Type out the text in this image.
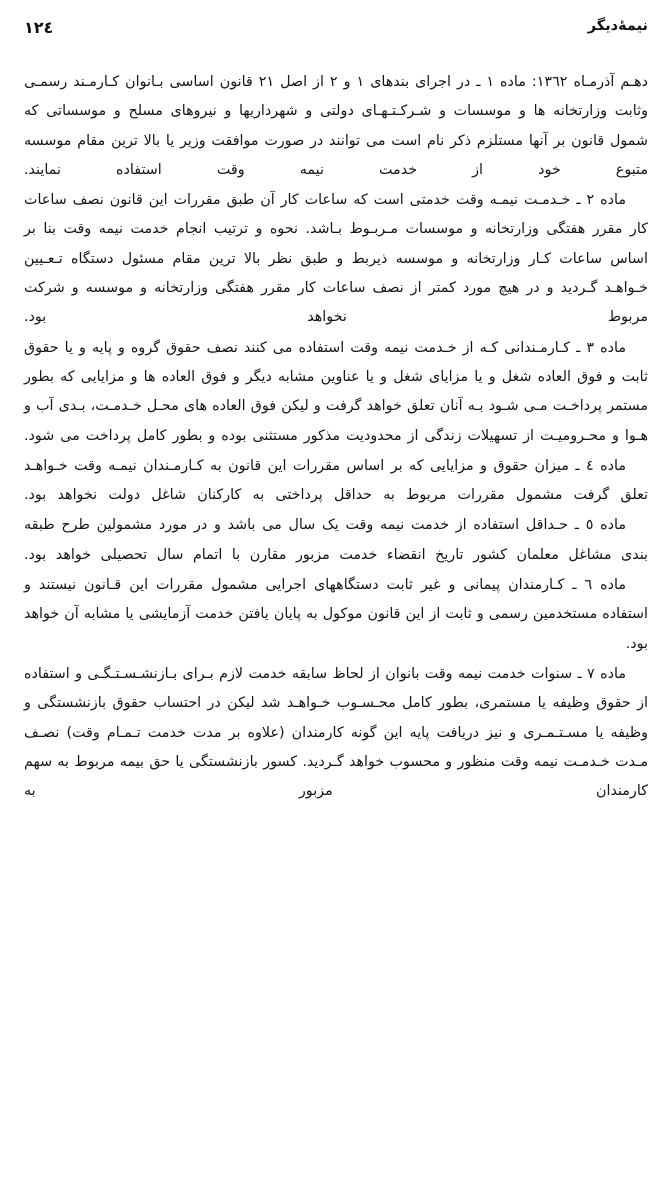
نیمۀدیگر
١٢٤

دهـم آذرمـاه ١٣٦٢: ماده ١ ـ در اجرای بندهای ١ و ٢ از اصل ٢١ قانون اساسی بـانوان کـارمـند رسمـی وثابت وزارتخانه ها و موسسات و شـرکـتـهـای دولتی و شهرداریها و نیروهای مسلح و موسساتی که شمول قانون بر آنها مستلزم ذکر نام است می توانند در صورت موافقت وزیر یا بالا ترین مقام موسسه متبوع خود از خدمت نیمه وقت استفاده نمایند.

ماده ٢ ـ خـدمـت نیمـه وقت خدمتی است که ساعات کار آن طبق مقررات این قانون نصف ساعات کار مقرر هفتگی وزارتخانه و موسسات مـربـوط بـاشد. نحوه و ترتیب انجام خدمت نیمه وقت بنا بر اساس ساعات کـار وزارتخانه و موسسه ذیربط و طبق نظر بالا ترین مقام مسئول دستگاه تـعـیین خـواهـد گـردید و در هیچ مورد کمتر از نصف ساعات کار مقرر هفتگی وزارتخانه و موسسه و شرکت مربوط نخواهد بود.

ماده ٣ ـ کـارمـندانی کـه از خـدمت نیمه وقت استفاده می کنند نصف حقوق گروه و پایه و یا حقوق ثابت و فوق العاده شغل و یا مزایای شغل و یا عناوین مشابه دیگر و فوق العاده ها و مزایایی که بطور مستمر پرداخـت مـی شـود بـه آنان تعلق خواهد گرفت و لیکن فوق العاده های محـل خـدمـت، بـدی آب و هـوا و محـرومیـت از تسهیلات زندگی از محدودیت مذکور مستثنی بوده و بطور کامل پرداخت می شود.

ماده ٤ ـ میزان حقوق و مزایایی که بر اساس مقررات این قانون به کـارمـندان نیمـه وقت خـواهـد تعلق گرفت مشمول مقررات مربوط به حداقل پرداختی به کارکنان شاغل دولت نخواهد بود.

ماده ٥ ـ حـداقل استفاده از خدمت نیمه وقت یک سال می باشد و در مورد مشمولین طرح طبقه بندی مشاغل معلمان کشور تاریخ انقضاء خدمت مزبور مقارن با اتمام سال تحصیلی خواهد بود.

ماده ٦ ـ کـارمندان پیمانی و غیر ثابت دستگاههای اجرایی مشمول مقررات این قـانون نیستند و استفاده مستخدمین رسمی و ثابت از این قانون موکول به پایان یافتن خدمت آزمایشی یا مشابه آن خواهد بود.

ماده ٧ ـ سنوات خدمت نیمه وقت بانوان از لحاظ سابقه خدمت لازم بـرای بـازنشـسـتـگـی و استفاده از حقوق وظیفه یا مستمری، بطور کامل محـسـوب خـواهـد شد لیکن در احتساب حقوق بازنشستگی و وظیفه یا مسـتـمـری و نیز دریافت پایه این گونه کارمندان (علاوه بر مدت خدمت تـمـام وقت) نصـف مـدت خـدمـت نیمه وقت منظور و محسوب خواهد گـردید. کسور بازنشستگی یا حق بیمه مربوط به سهم کارمندان مزبور به
